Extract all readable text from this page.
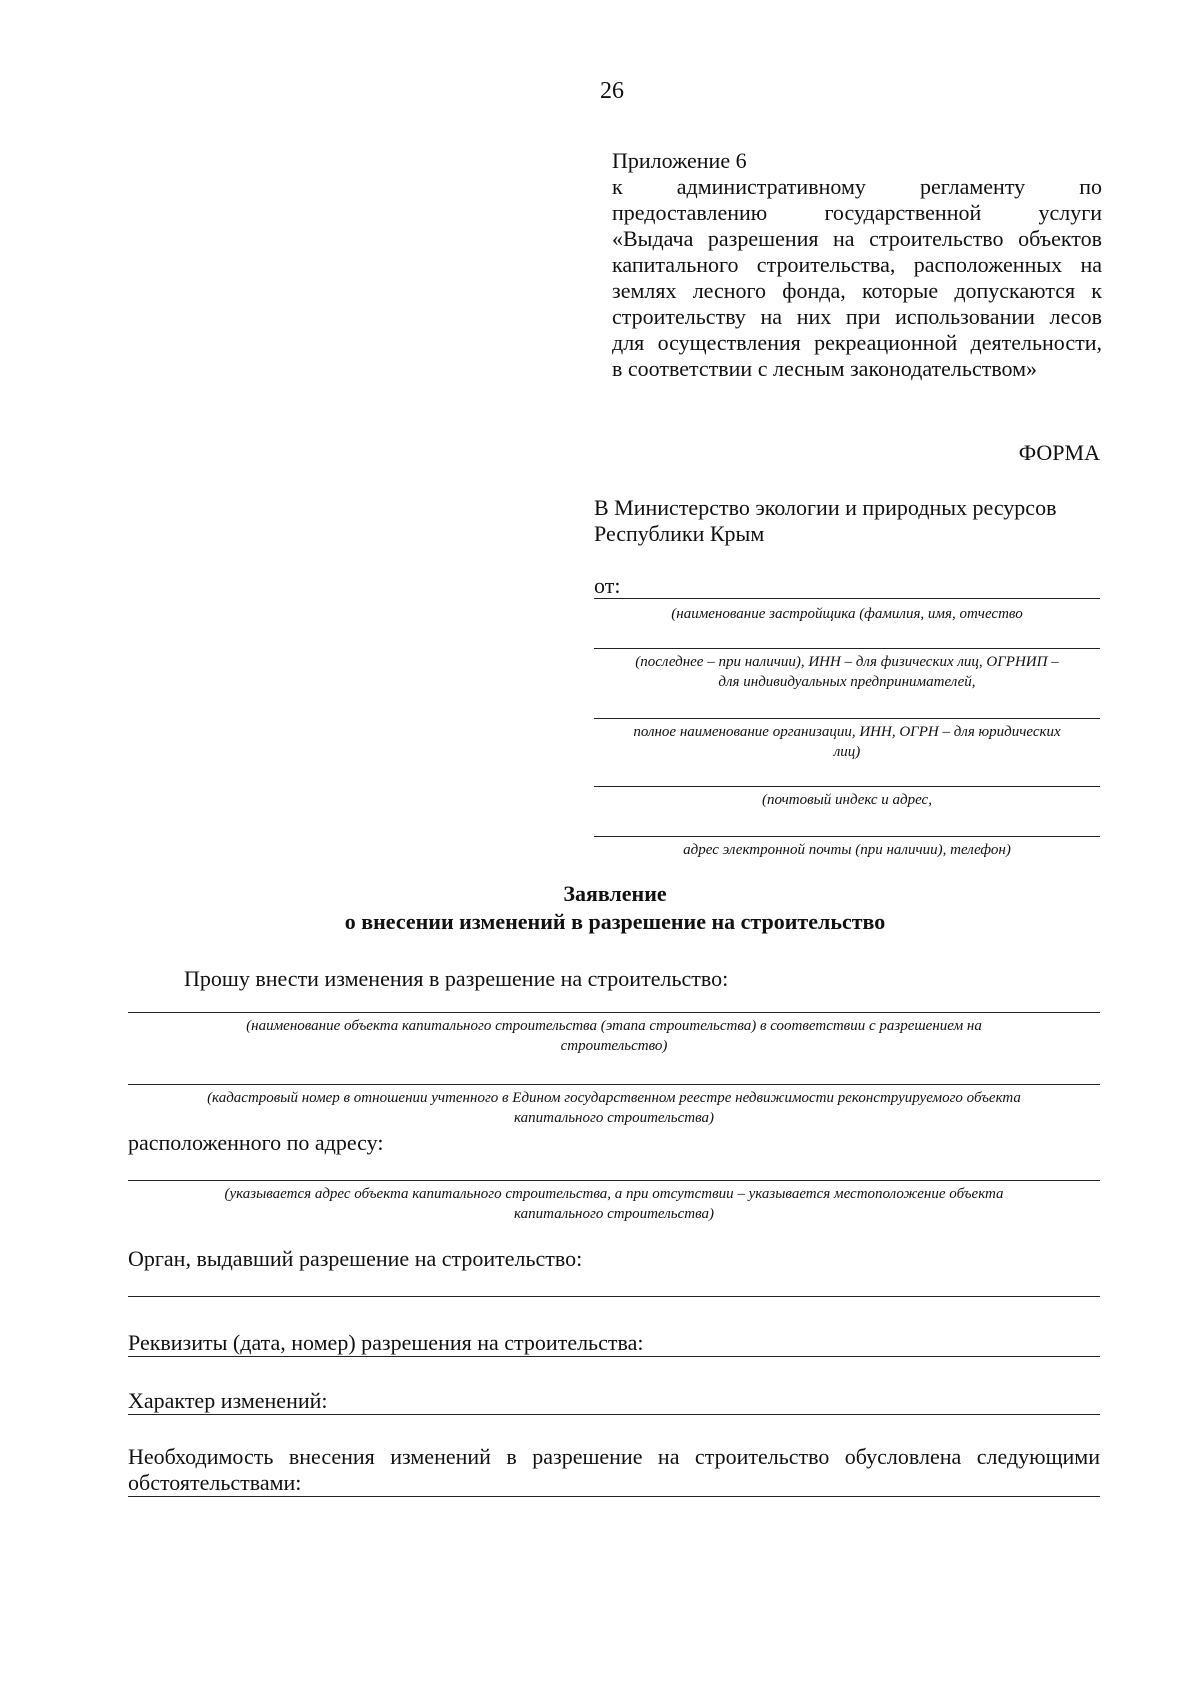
26
Приложение 6
к административному регламенту по
предоставлению государственной услуги
«Выдача разрешения на строительство объектов
капитального строительства, расположенных на
землях лесного фонда, которые допускаются к
строительству на них при использовании лесов
для осуществления рекреационной деятельности,
в соответствии с лесным законодательством»
ФОРМА
В Министерство экологии и природных ресурсов
Республики Крым
от:
(наименование застройщика (фамилия, имя, отчество
(последнее – при наличии), ИНН – для физических лиц, ОГРНИП –
для индивидуальных предпринимателей,
полное наименование организации, ИНН, ОГРН – для юридических
лиц)
(почтовый индекс и адрес,
адрес электронной почты (при наличии), телефон)
Заявление
о внесении изменений в разрешение на строительство
Прошу внести изменения в разрешение на строительство:
(наименование объекта капитального строительства (этапа строительства) в соответствии с разрешением на
строительство)
(кадастровый номер в отношении учтенного в Едином государственном реестре недвижимости реконструируемого объекта
капитального строительства)
расположенного по адресу:
(указывается адрес объекта капитального строительства, а при отсутствии – указывается местоположение объекта
капитального строительства)
Орган, выдавший разрешение на строительство:
Реквизиты (дата, номер) разрешения на строительства:
Характер изменений:
Необходимость внесения изменений в разрешение на строительство обусловлена следующими
обстоятельствами:
